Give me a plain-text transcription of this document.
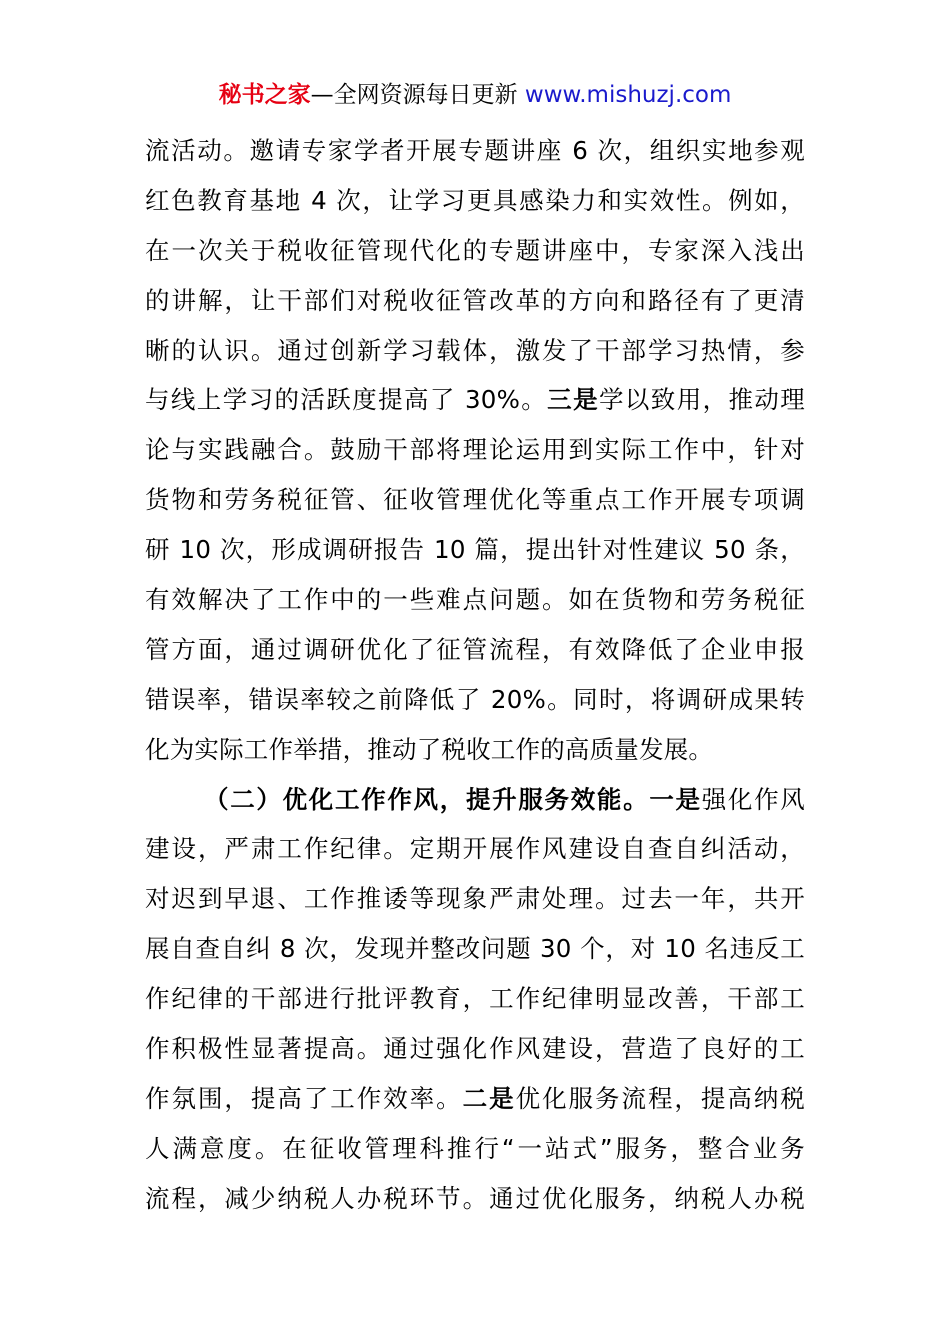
秘书之家—全网资源每日更新 www.mishuzj.com
流活动。邀请专家学者开展专题讲座 6 次，组织实地参观
红色教育基地 4 次，让学习更具感染力和实效性。例如，
在一次关于税收征管现代化的专题讲座中，专家深入浅出
的讲解，让干部们对税收征管改革的方向和路径有了更清
晰的认识。通过创新学习载体，激发了干部学习热情，参
与线上学习的活跃度提高了 30%。三是学以致用，推动理
论与实践融合。鼓励干部将理论运用到实际工作中，针对
货物和劳务税征管、征收管理优化等重点工作开展专项调
研 10 次，形成调研报告 10 篇，提出针对性建议 50 条，
有效解决了工作中的一些难点问题。如在货物和劳务税征
管方面，通过调研优化了征管流程，有效降低了企业申报
错误率，错误率较之前降低了 20%。同时，将调研成果转
化为实际工作举措，推动了税收工作的高质量发展。
（二）优化工作作风，提升服务效能。一是强化作风
建设，严肃工作纪律。定期开展作风建设自查自纠活动，
对迟到早退、工作推诿等现象严肃处理。过去一年，共开
展自查自纠 8 次，发现并整改问题 30 个，对 10 名违反工
作纪律的干部进行批评教育，工作纪律明显改善，干部工
作积极性显著提高。通过强化作风建设，营造了良好的工
作氛围，提高了工作效率。二是优化服务流程，提高纳税
人满意度。在征收管理科推行“一站式”服务，整合业务
流程，减少纳税人办税环节。通过优化服务，纳税人办税
